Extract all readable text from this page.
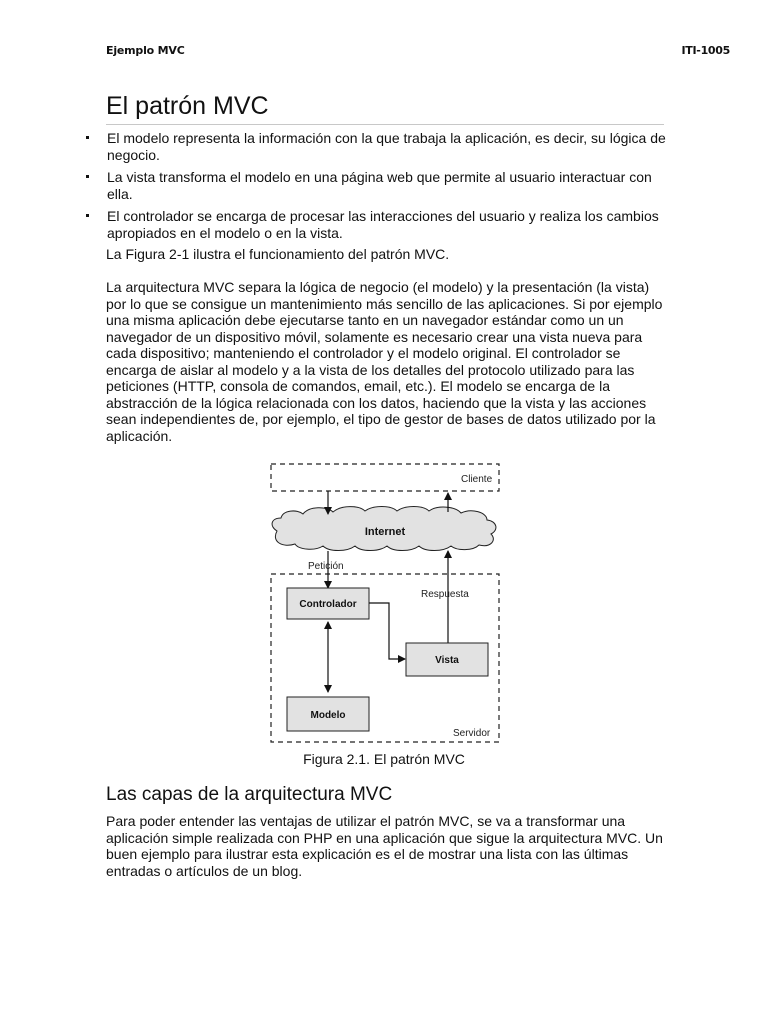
Ejemplo MVC	ITI-1005
El patrón MVC
El modelo representa la información con la que trabaja la aplicación, es decir, su lógica de negocio.
La vista transforma el modelo en una página web que permite al usuario interactuar con ella.
El controlador se encarga de procesar las interacciones del usuario y realiza los cambios apropiados en el modelo o en la vista.

La Figura 2-1 ilustra el funcionamiento del patrón MVC.

La arquitectura MVC separa la lógica de negocio (el modelo) y la presentación (la vista) por lo que se consigue un mantenimiento más sencillo de las aplicaciones. Si por ejemplo una misma aplicación debe ejecutarse tanto en un navegador estándar como un un navegador de un dispositivo móvil, solamente es necesario crear una vista nueva para cada dispositivo; manteniendo el controlador y el modelo original. El controlador se encarga de aislar al modelo y a la vista de los detalles del protocolo utilizado para las peticiones (HTTP, consola de comandos, email, etc.). El modelo se encarga de la abstracción de la lógica relacionada con los datos, haciendo que la vista y las acciones sean independientes de, por ejemplo, el tipo de gestor de bases de datos utilizado por la aplicación.

Cliente
Internet
Servidor
Petición
Respuesta
Controlador
Vista
Modelo
Figura 2.1. El patrón MVC
Las capas de la arquitectura MVC

Para poder entender las ventajas de utilizar el patrón MVC, se va a transformar una aplicación simple realizada con PHP en una aplicación que sigue la arquitectura MVC. Un buen ejemplo para ilustrar esta explicación es el de mostrar una lista con las últimas entradas o artículos de un blog.
